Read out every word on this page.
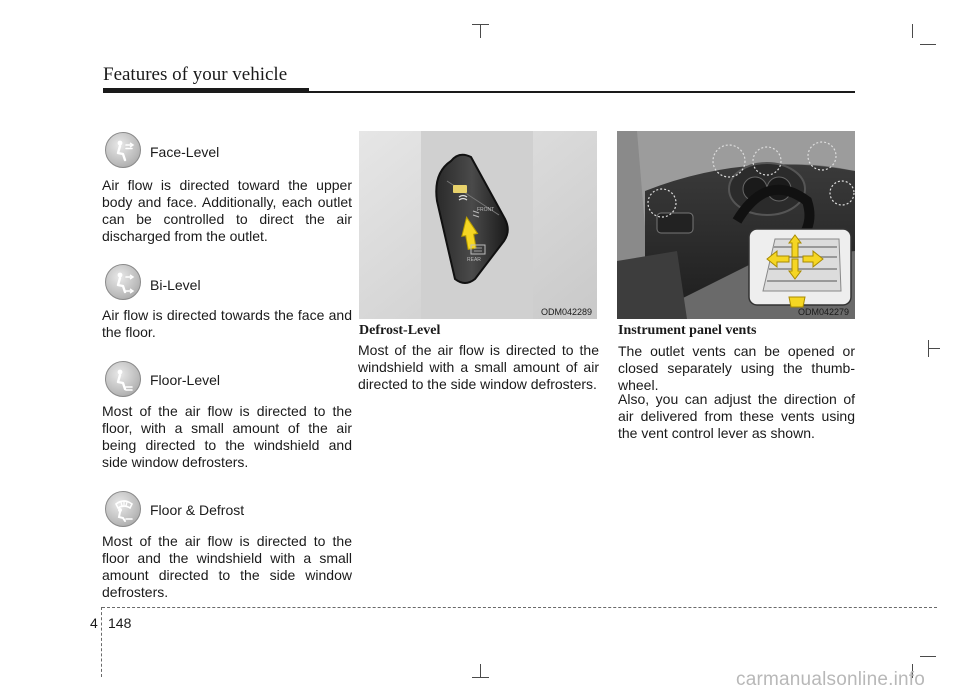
Features of your vehicle
Face-Level
Air flow is directed toward the upper body and face. Additionally, each outlet can be controlled to direct the air discharged from the outlet.
Bi-Level
Air flow is directed towards the face and the floor.
Floor-Level
Most of the air flow is directed to the floor, with a small amount of the air being directed to the windshield and side window defrosters.
Floor & Defrost
Most of the air flow is directed to the floor and the windshield with a small amount directed to the side window defrosters.
REAR
FRONT
ODM042289
Defrost-Level
Most of the air flow is directed to the windshield with a small amount of air directed to the side window defrosters.
ODM042279
Instrument panel vents
The outlet vents can be opened or closed separately using the thumb-wheel.
Also, you can adjust the direction of air delivered from these vents using the vent control lever as shown.
4 148
carmanualsonline.info
